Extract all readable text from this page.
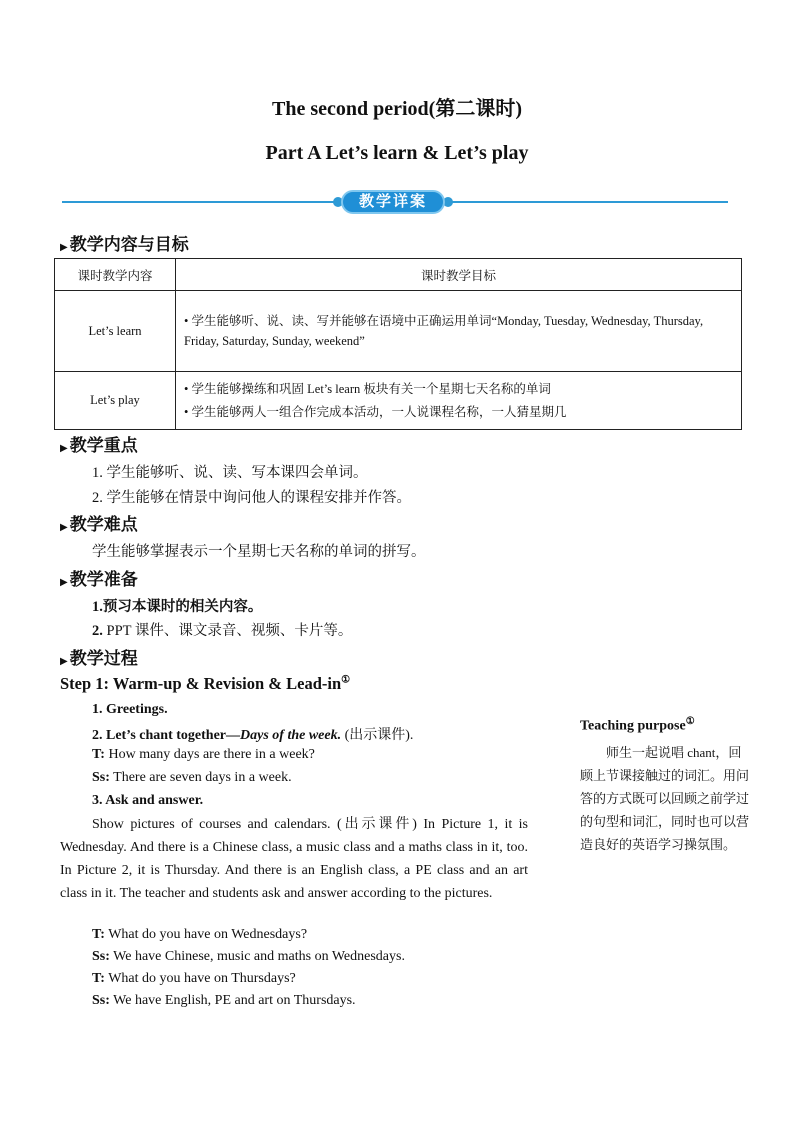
The second period(第二课时)
Part A Let’s learn & Let’s play
教学详案
▶ 教学内容与目标
课时教学内容	课时教学目标
Let’s learn	• 学生能够听、说、读、写并能够在语境中正确运用单词“Monday, Tuesday, Wednesday, Thursday, Friday, Saturday, Sunday, weekend”

Let’s play	• 学生能够操练和巩固 Let’s learn 板块有关一个星期七天名称的单词
• 学生能够两人一组合作完成本活动，一人说课程名称，一人猜星期几
▶ 教学重点
1. 学生能够听、说、读、写本课四会单词。
2. 学生能够在情景中询问他人的课程安排并作答。
▶ 教学难点
学生能够掌握表示一个星期七天名称的单词的拼写。
▶ 教学准备
1.预习本课时的相关内容。
2. PPT 课件、课文录音、视频、卡片等。
▶ 教学过程
Step 1: Warm-up & Revision & Lead-in①
1. Greetings.
2. Let’s chant together—Days of the week. (出示课件).
T: How many days are there in a week?
Ss: There are seven days in a week.
3. Ask and answer.
Show pictures of courses and calendars. (出示课件) In Picture 1, it is Wednesday. And there is a Chinese class, a music class and a maths class in it, too. In Picture 2, it is Thursday. And there is an English class, a PE class and an art class in it. The teacher and students ask and answer according to the pictures.
T: What do you have on Wednesdays?
Ss: We have Chinese, music and maths on Wednesdays.
T: What do you have on Thursdays?
Ss: We have English, PE and art on Thursdays.
Teaching purpose①
师生一起说唱 chant，回顾上节课接触过的词汇。用问答的方式既可以回顾之前学过的句型和词汇，同时也可以营造良好的英语学习操氛围。
